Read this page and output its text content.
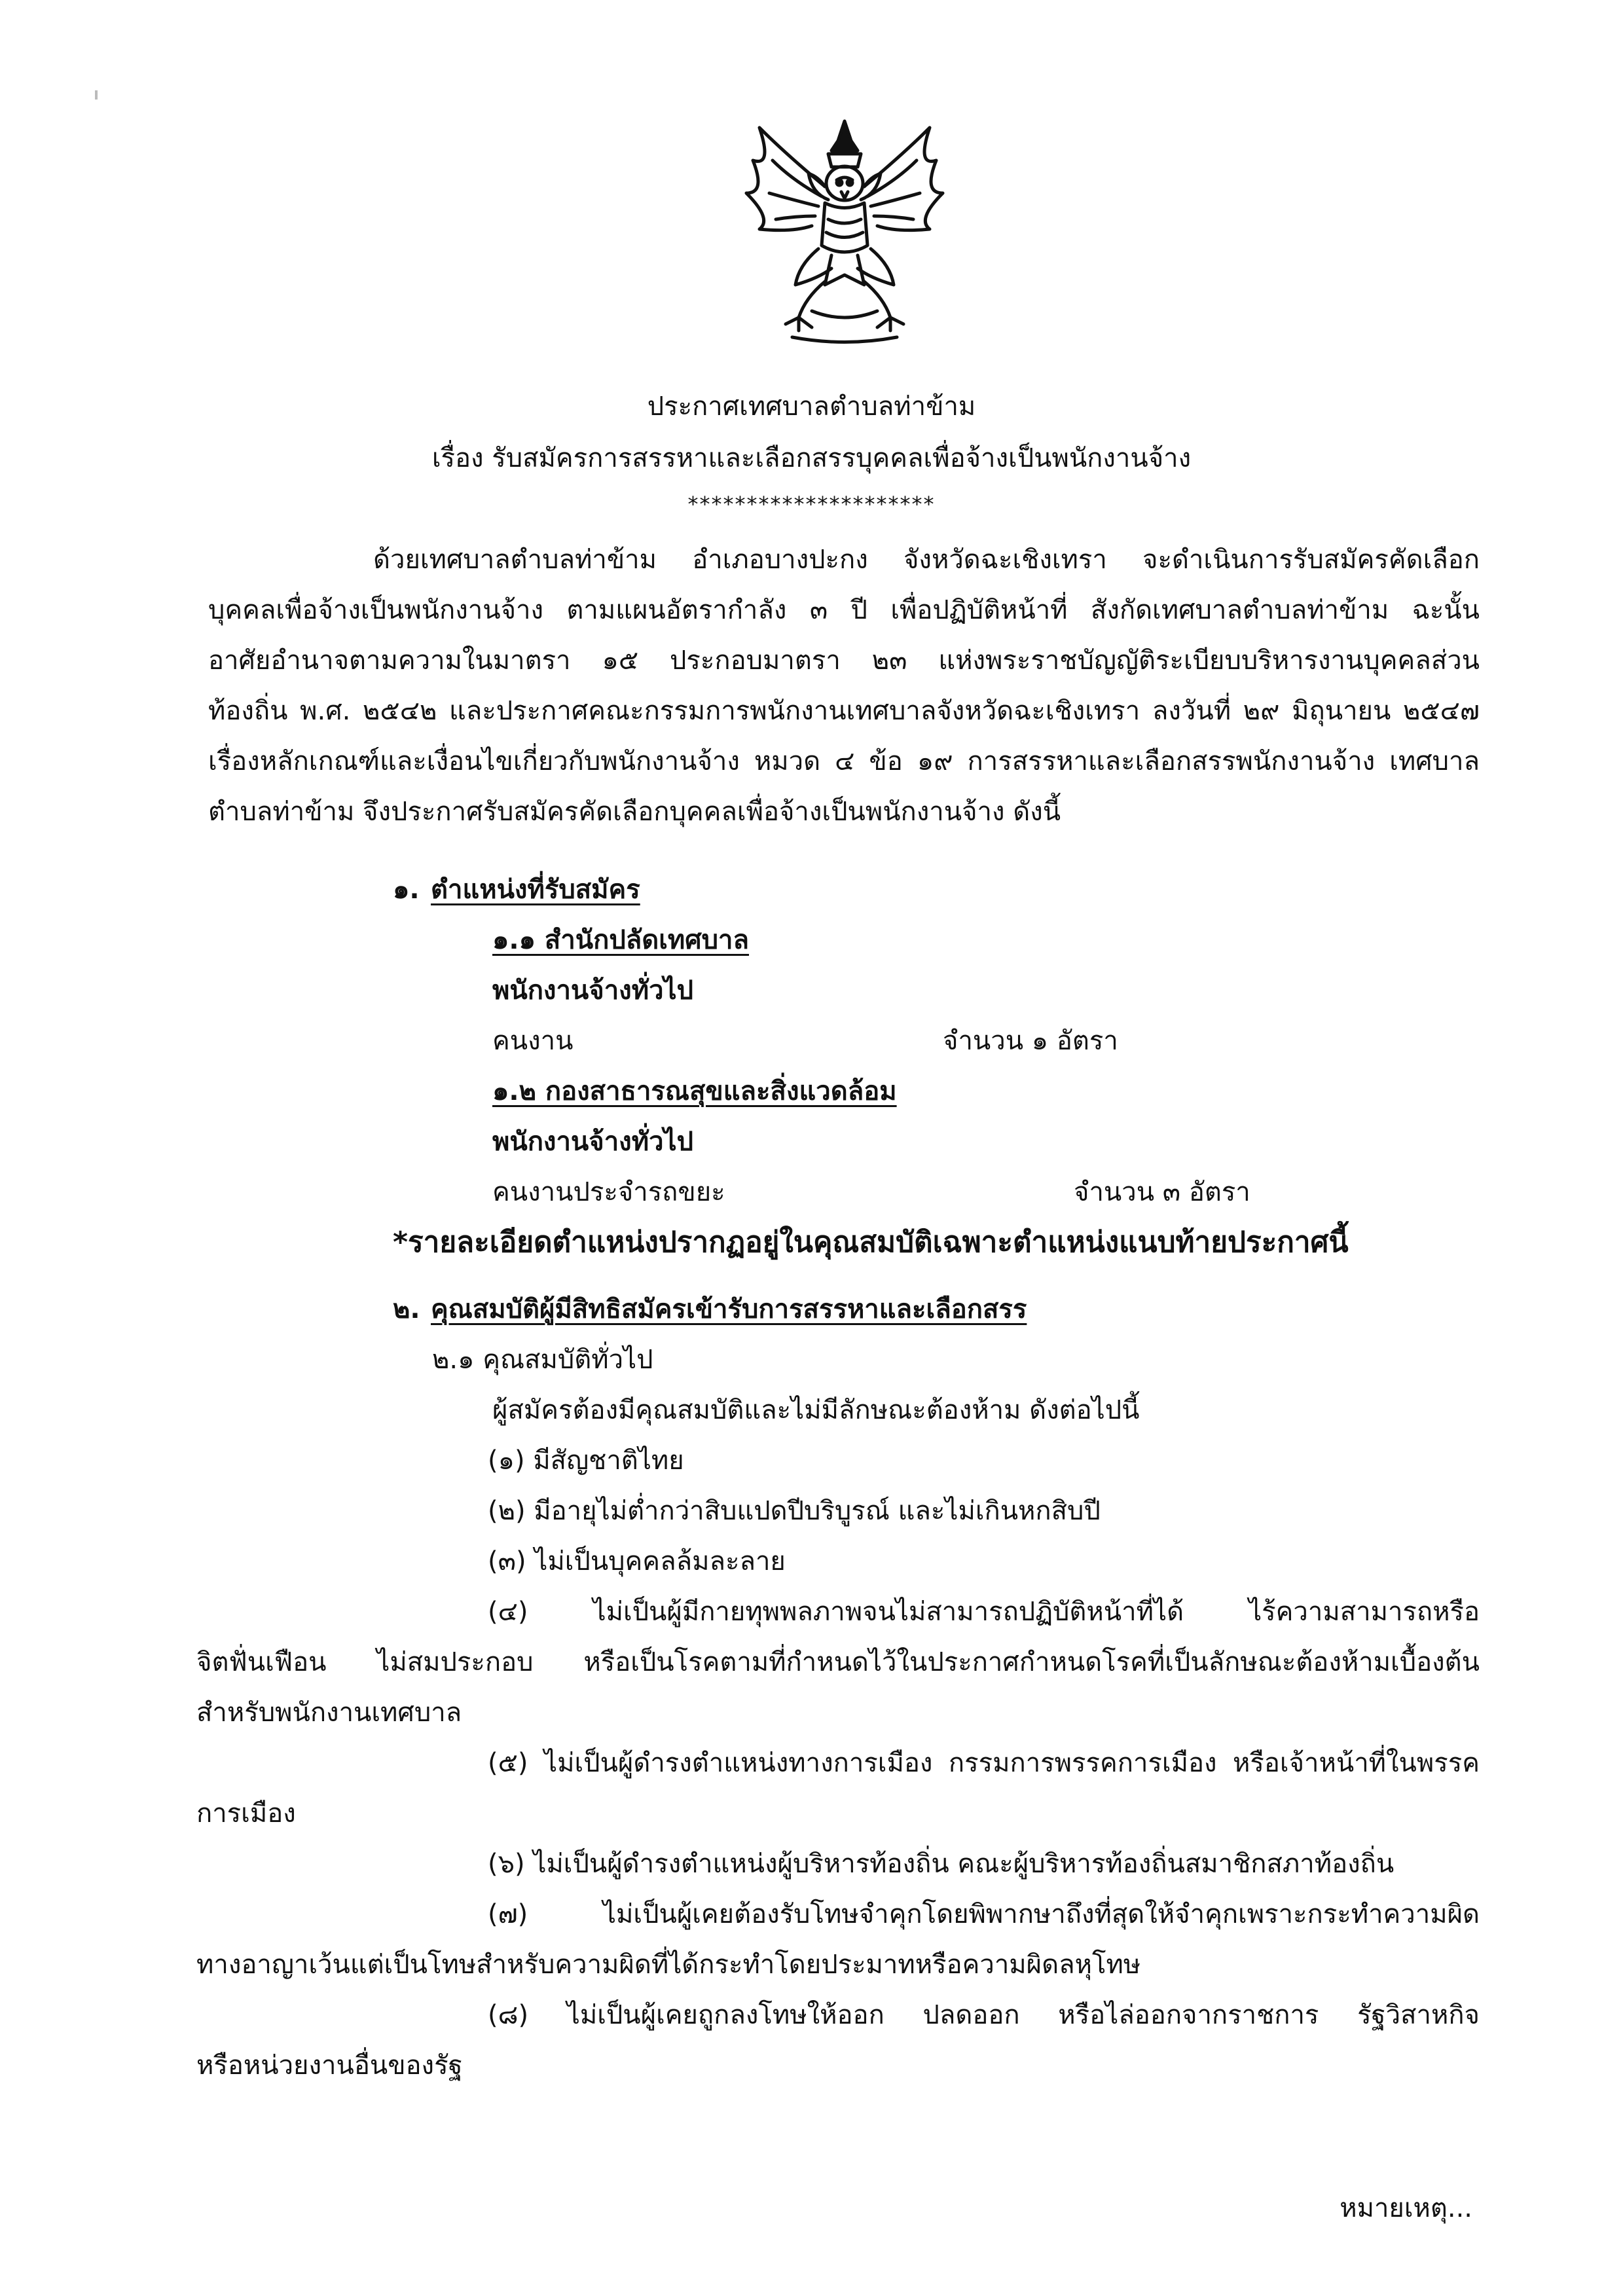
ประกาศเทศบาลตำบลท่าข้าม
เรื่อง รับสมัครการสรรหาและเลือกสรรบุคคลเพื่อจ้างเป็นพนักงานจ้าง
*********************
ด้วยเทศบาลตำบลท่าข้าม อำเภอบางปะกง จังหวัดฉะเชิงเทรา จะดำเนินการรับสมัครคัดเลือก
บุคคลเพื่อจ้างเป็นพนักงานจ้าง ตามแผนอัตรากำลัง ๓ ปี เพื่อปฏิบัติหน้าที่ สังกัดเทศบาลตำบลท่าข้าม ฉะนั้น
อาศัยอำนาจตามความในมาตรา ๑๕ ประกอบมาตรา ๒๓ แห่งพระราชบัญญัติระเบียบบริหารงานบุคคลส่วน
ท้องถิ่น พ.ศ. ๒๕๔๒ และประกาศคณะกรรมการพนักงานเทศบาลจังหวัดฉะเชิงเทรา ลงวันที่ ๒๙ มิถุนายน ๒๕๔๗
เรื่องหลักเกณฑ์และเงื่อนไขเกี่ยวกับพนักงานจ้าง หมวด ๔ ข้อ ๑๙ การสรรหาและเลือกสรรพนักงานจ้าง เทศบาล
ตำบลท่าข้าม จึงประกาศรับสมัครคัดเลือกบุคคลเพื่อจ้างเป็นพนักงานจ้าง ดังนี้
๑. ตำแหน่งที่รับสมัคร
๑.๑ สำนักปลัดเทศบาล
พนักงานจ้างทั่วไป
คนงาน	จำนวน ๑ อัตรา
๑.๒ กองสาธารณสุขและสิ่งแวดล้อม
พนักงานจ้างทั่วไป
คนงานประจำรถขยะ	จำนวน ๓ อัตรา
*รายละเอียดตำแหน่งปรากฏอยู่ในคุณสมบัติเฉพาะตำแหน่งแนบท้ายประกาศนี้
๒. คุณสมบัติผู้มีสิทธิสมัครเข้ารับการสรรหาและเลือกสรร
๒.๑ คุณสมบัติทั่วไป
ผู้สมัครต้องมีคุณสมบัติและไม่มีลักษณะต้องห้าม ดังต่อไปนี้
(๑) มีสัญชาติไทย
(๒) มีอายุไม่ต่ำกว่าสิบแปดปีบริบูรณ์ และไม่เกินหกสิบปี
(๓) ไม่เป็นบุคคลล้มละลาย
(๔) ไม่เป็นผู้มีกายทุพพลภาพจนไม่สามารถปฏิบัติหน้าที่ได้ ไร้ความสามารถหรือ
จิตฟั่นเฟือน ไม่สมประกอบ หรือเป็นโรคตามที่กำหนดไว้ในประกาศกำหนดโรคที่เป็นลักษณะต้องห้ามเบื้องต้น
สำหรับพนักงานเทศบาล
(๕) ไม่เป็นผู้ดำรงตำแหน่งทางการเมือง กรรมการพรรคการเมือง หรือเจ้าหน้าที่ในพรรค
การเมือง
(๖) ไม่เป็นผู้ดำรงตำแหน่งผู้บริหารท้องถิ่น คณะผู้บริหารท้องถิ่นสมาชิกสภาท้องถิ่น
(๗) ไม่เป็นผู้เคยต้องรับโทษจำคุกโดยพิพากษาถึงที่สุดให้จำคุกเพราะกระทำความผิด
ทางอาญาเว้นแต่เป็นโทษสำหรับความผิดที่ได้กระทำโดยประมาทหรือความผิดลหุโทษ
(๘) ไม่เป็นผู้เคยถูกลงโทษให้ออก ปลดออก หรือไล่ออกจากราชการ รัฐวิสาหกิจ
หรือหน่วยงานอื่นของรัฐ
หมายเหตุ...
